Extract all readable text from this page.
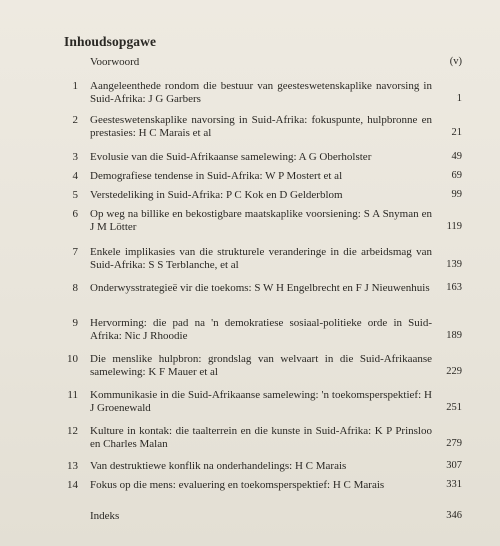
Inhoudsopgawe
Voorwoord	(v)
1 Aangeleenthede rondom die bestuur van geesteswetenskaplike navorsing in Suid-Afrika: J G Garbers	1
2 Geesteswetenskaplike navorsing in Suid-Afrika: fokuspunte, hulpbronne en prestasies: H C Marais et al	21
3 Evolusie van die Suid-Afrikaanse samelewing: A G Oberholster	49
4 Demografiese tendense in Suid-Afrika: W P Mostert et al	69
5 Verstedeliking in Suid-Afrika: P C Kok en D Gelderblom	99
6 Op weg na billike en bekostigbare maatskaplike voorsiening: S A Snyman en J M Lötter	119
7 Enkele implikasies van die strukturele veranderinge in die arbeidsmag van Suid-Afrika: S S Terblanche, et al	139
8 Onderwysstrategieë vir die toekoms: S W H Engelbrecht en F J Nieuwenhuis 163
9 Hervorming: die pad na 'n demokratiese sosiaal-politieke orde in Suid-Afrika: Nic J Rhoodie	189
10 Die menslike hulpbron: grondslag van welvaart in die Suid-Afrikaanse samelewing: K F Mauer et al	229
11 Kommunikasie in die Suid-Afrikaanse samelewing: 'n toekomsperspektief: H J Groenewald	251
12 Kulture in kontak: die taalterrein en die kunste in Suid-Afrika: K P Prinsloo en Charles Malan	279
13 Van destruktiewe konflik na onderhandelings: H C Marais	307
14 Fokus op die mens: evaluering en toekomsperspektief: H C Marais	331
Indeks	346
